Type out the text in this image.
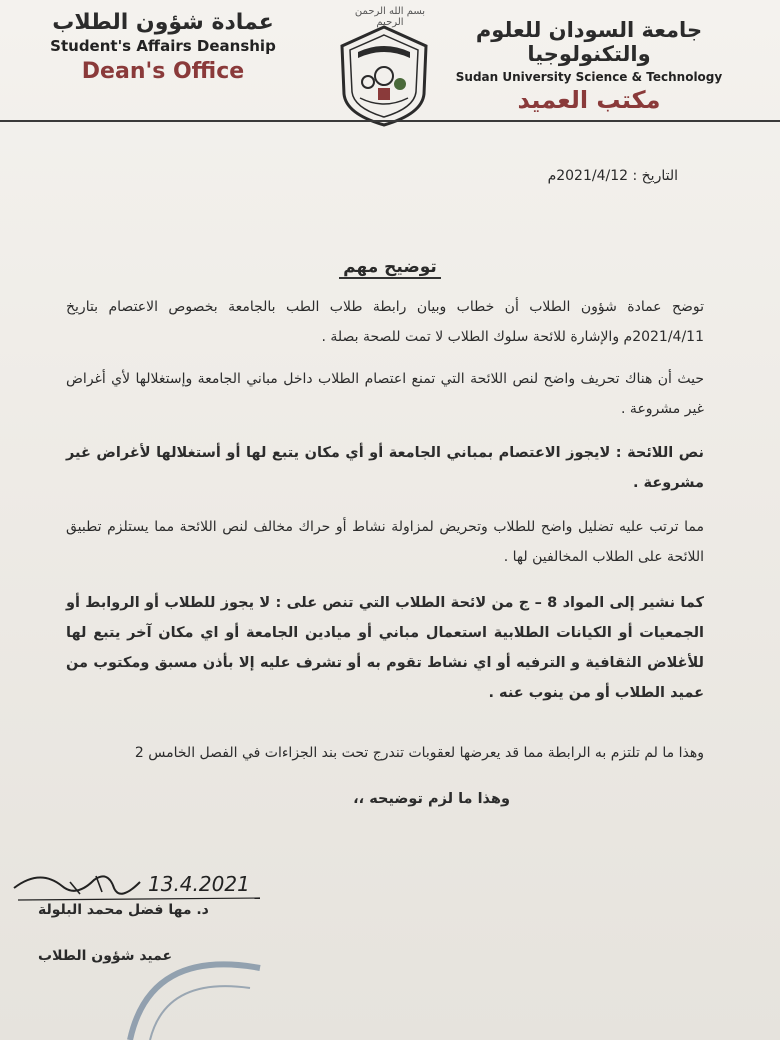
عمادة شؤون الطلاب
Student's Affairs Deanship
Dean's Office
بسم الله الرحمن الرحيم	جامعة السودان للعلوم والتكنولوجيا
Sudan University Science & Technology
مكتب العميد
التاريخ : 2021/4/12م
توضيح مهم
توضح عمادة شؤون الطلاب أن خطاب وبيان رابطة طلاب الطب بالجامعة بخصوص الاعتصام بتاريخ 2021/4/11م والإشارة للائحة سلوك الطلاب لا تمت للصحة بصلة .
حيث أن هناك تحريف واضح لنص اللائحة التي تمنع اعتصام الطلاب داخل مباني الجامعة وإستغلالها لأي أغراض غير مشروعة .
نص اللائحة : لايجوز الاعتصام بمباني الجامعة أو أي مكان يتبع لها أو أستغلالها لأغراض غير مشروعة .
مما ترتب عليه تضليل واضح للطلاب وتحريض لمزاولة نشاط أو حراك مخالف لنص اللائحة مما يستلزم تطبيق اللائحة على الطلاب المخالفين لها .
كما نشير إلى المواد 8 – ج من لائحة الطلاب التي تنص على : لا يجوز للطلاب أو الروابط أو الجمعيات أو الكيانات الطلابية استعمال مباني أو ميادين الجامعة أو اي مكان آخر يتبع لها للأغلاض الثقافية و الترفيه أو اي نشاط تقوم به أو تشرف عليه إلا بأذن مسبق ومكتوب من عميد الطلاب أو من ينوب عنه .
وهذا ما لم تلتزم به الرابطة مما قد يعرضها لعقوبات تندرج تحت بند الجزاءات في الفصل الخامس 2
وهذا ما لزم توضيحه ،،
13.4.2021
د. مها فضل محمد البلولة
عميد شؤون الطلاب
